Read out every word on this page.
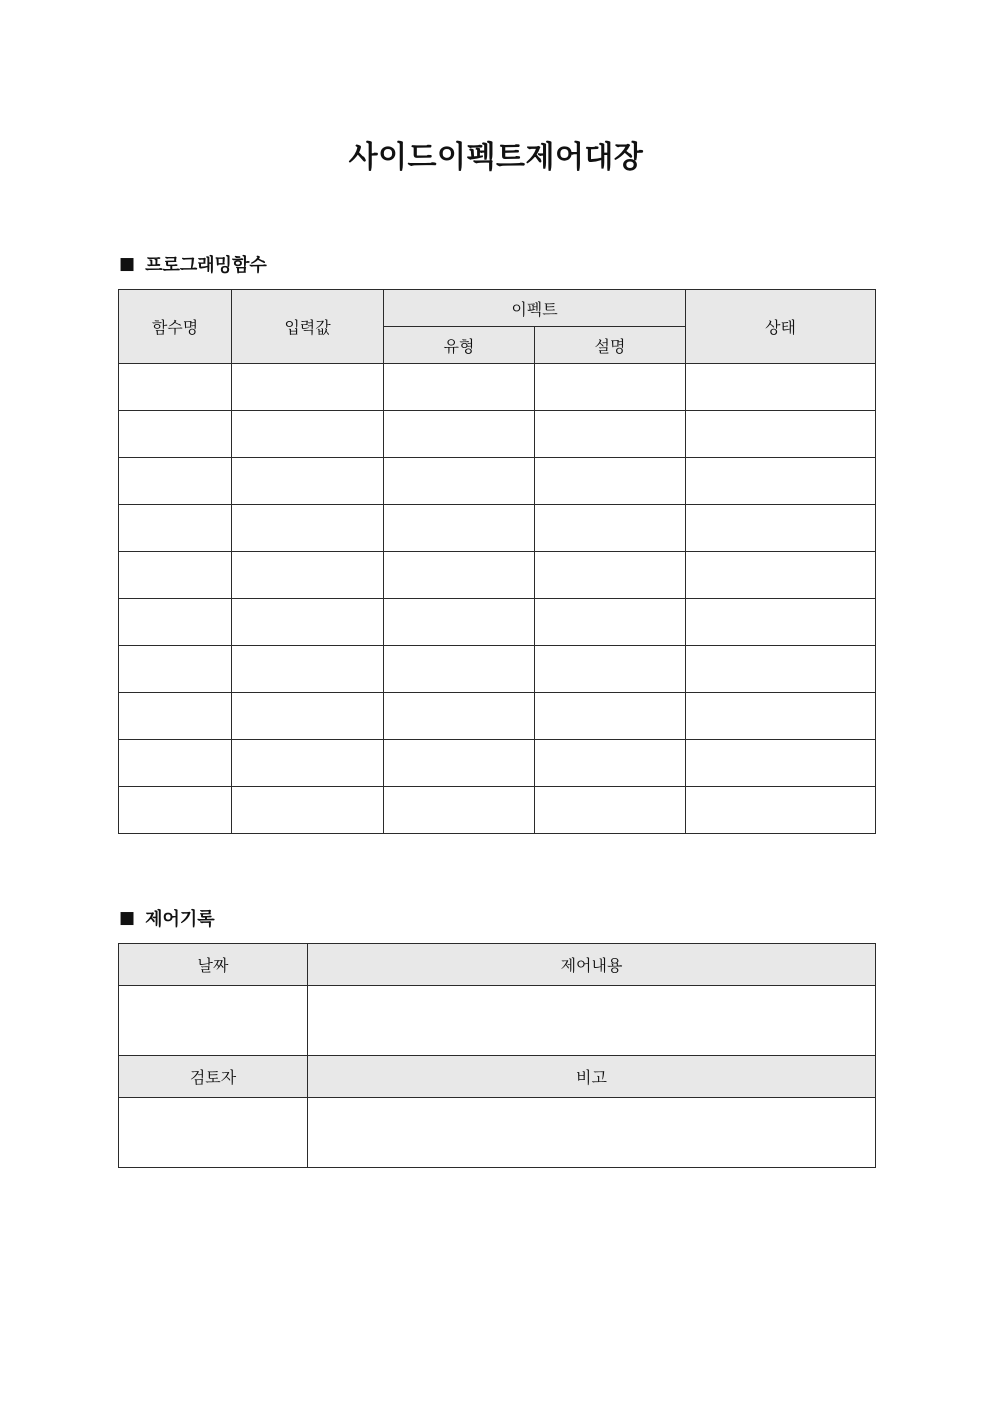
사이드이펙트제어대장
■ 프로그래밍함수
함수명	입력값	이펙트		상태
		유형	설명	

■ 제어기록
날짜	제어내용

검토자	비고
